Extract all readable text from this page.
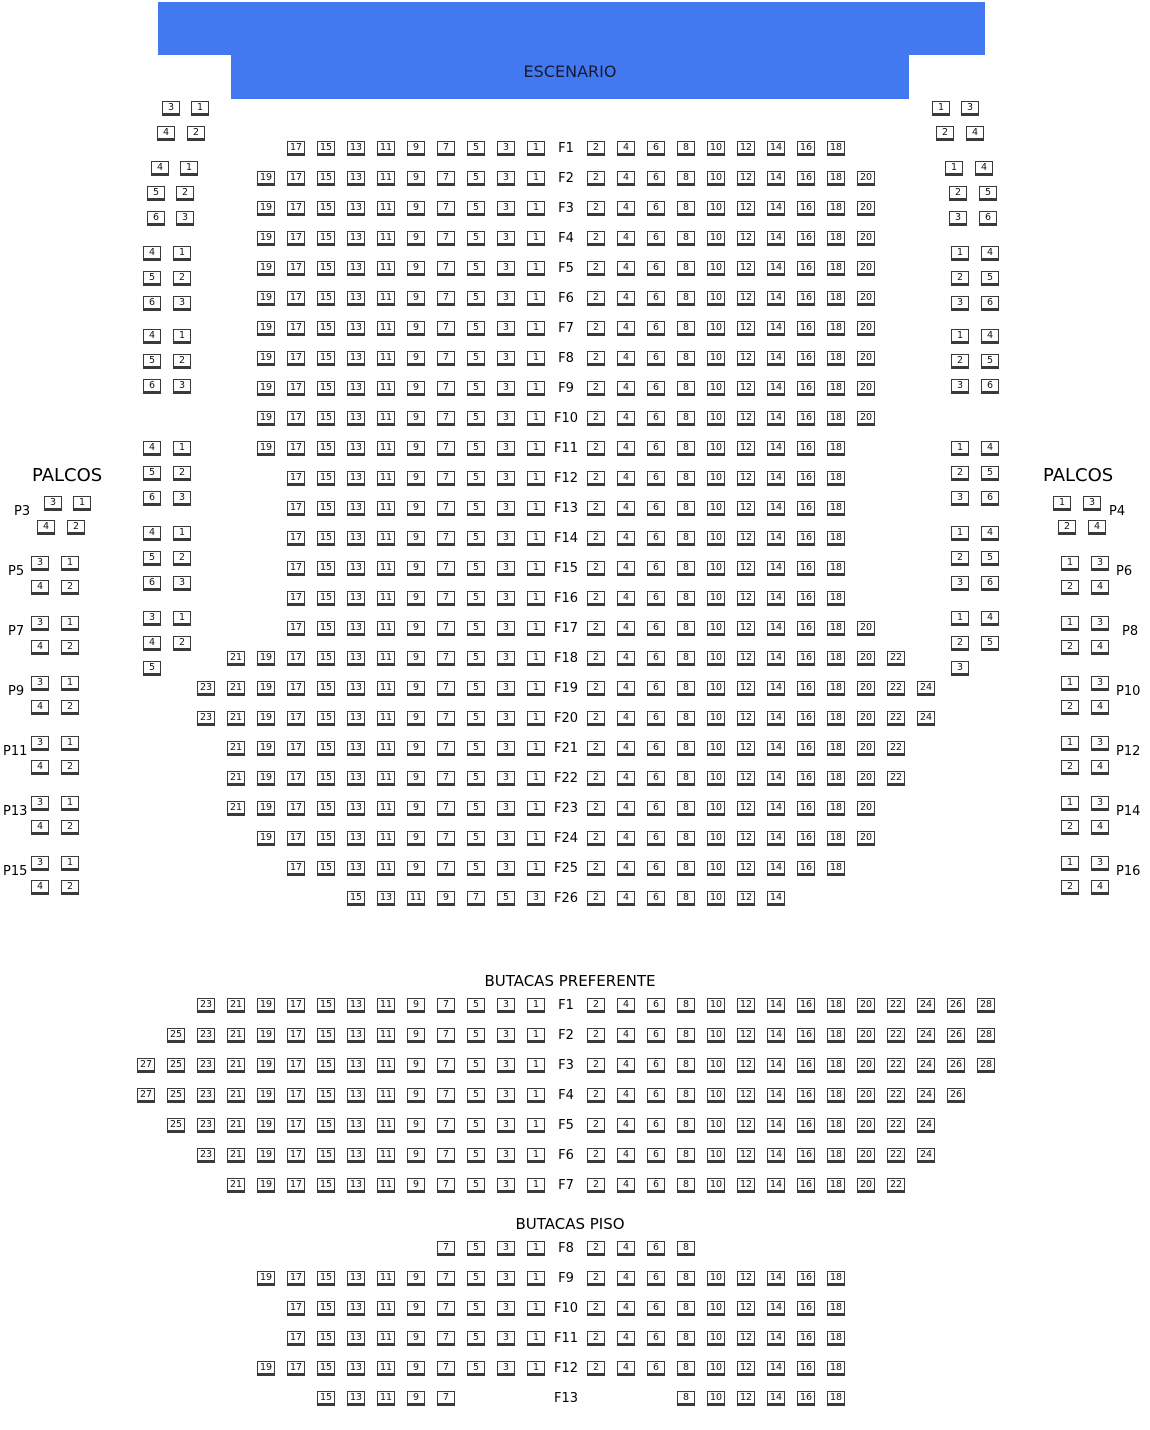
ESCENARIO
PALCOS	PALCOS
BUTACAS PREFERENTE
BUTACAS PISO
17	15	13	11	9	7	5	3	1	2	4	6	8	10	12	14	16	18
F1
19	17	15	13	11	9	7	5	3	1	2	4	6	8	10	12	14	16	18	20
F2
19	17	15	13	11	9	7	5	3	1	2	4	6	8	10	12	14	16	18	20
F3
19	17	15	13	11	9	7	5	3	1	2	4	6	8	10	12	14	16	18	20
F4
19	17	15	13	11	9	7	5	3	1	2	4	6	8	10	12	14	16	18	20
F5
19	17	15	13	11	9	7	5	3	1	2	4	6	8	10	12	14	16	18	20
F6
19	17	15	13	11	9	7	5	3	1	2	4	6	8	10	12	14	16	18	20
F7
19	17	15	13	11	9	7	5	3	1	2	4	6	8	10	12	14	16	18	20
F8
19	17	15	13	11	9	7	5	3	1	2	4	6	8	10	12	14	16	18	20
F9
19	17	15	13	11	9	7	5	3	1	2	4	6	8	10	12	14	16	18	20
F10
19	17	15	13	11	9	7	5	3	1	2	4	6	8	10	12	14	16	18
F11
17	15	13	11	9	7	5	3	1	2	4	6	8	10	12	14	16	18
F12
17	15	13	11	9	7	5	3	1	2	4	6	8	10	12	14	16	18
F13
17	15	13	11	9	7	5	3	1	2	4	6	8	10	12	14	16	18
F14
17	15	13	11	9	7	5	3	1	2	4	6	8	10	12	14	16	18
F15
17	15	13	11	9	7	5	3	1	2	4	6	8	10	12	14	16	18
F16
17	15	13	11	9	7	5	3	1	2	4	6	8	10	12	14	16	18	20
F17
21	19	17	15	13	11	9	7	5	3	1	2	4	6	8	10	12	14	16	18	20	22
F18
23	21	19	17	15	13	11	9	7	5	3	1	2	4	6	8	10	12	14	16	18	20	22	24
F19
23	21	19	17	15	13	11	9	7	5	3	1	2	4	6	8	10	12	14	16	18	20	22	24
F20
21	19	17	15	13	11	9	7	5	3	1	2	4	6	8	10	12	14	16	18	20	22
F21
21	19	17	15	13	11	9	7	5	3	1	2	4	6	8	10	12	14	16	18	20	22
F22
21	19	17	15	13	11	9	7	5	3	1	2	4	6	8	10	12	14	16	18	20
F23
19	17	15	13	11	9	7	5	3	1	2	4	6	8	10	12	14	16	18	20
F24
17	15	13	11	9	7	5	3	1	2	4	6	8	10	12	14	16	18
F25
15	13	11	9	7	5	3	2	4	6	8	10	12	14
F26
23	21	19	17	15	13	11	9	7	5	3	1	2	4	6	8	10	12	14	16	18	20	22	24	26	28
F1
25	23	21	19	17	15	13	11	9	7	5	3	1	2	4	6	8	10	12	14	16	18	20	22	24	26	28
F2
27	25	23	21	19	17	15	13	11	9	7	5	3	1	2	4	6	8	10	12	14	16	18	20	22	24	26	28
F3
27	25	23	21	19	17	15	13	11	9	7	5	3	1	2	4	6	8	10	12	14	16	18	20	22	24	26
F4
25	23	21	19	17	15	13	11	9	7	5	3	1	2	4	6	8	10	12	14	16	18	20	22	24
F5
23	21	19	17	15	13	11	9	7	5	3	1	2	4	6	8	10	12	14	16	18	20	22	24
F6
21	19	17	15	13	11	9	7	5	3	1	2	4	6	8	10	12	14	16	18	20	22
F7
7	5	3	1	2	4	6	8
F8
19	17	15	13	11	9	7	5	3	1	2	4	6	8	10	12	14	16	18
F9
17	15	13	11	9	7	5	3	1	2	4	6	8	10	12	14	16	18
F10
17	15	13	11	9	7	5	3	1	2	4	6	8	10	12	14	16	18
F11
19	17	15	13	11	9	7	5	3	1	2	4	6	8	10	12	14	16	18
F12
15	13	11	9	7	8	10	12	14	16	18
F13
3	1
4	2
4	1
5	2
6	3
4	1
5	2
6	3
4	1
5	2
6	3
4	1
5	2
6	3
4	1
5	2
6	3
3	1
4	2
5
1	3
2	4
1	4
2	5
3	6
1	4
2	5
3	6
1	4
2	5
3	6
1	4
2	5
3	6
1	4
2	5
3	6
1	4
2	5
3
3	1
4	2
P3
3	1
4	2
P5
3	1
4	2
P7
3	1
4	2
P9
3	1
4	2
P11
3	1
4	2
P13
3	1
4	2
P15
1	3
2	4
P4
1	3
2	4
P6
1	3
2	4
P8
1	3
2	4
P10
1	3
2	4
P12
1	3
2	4
P14
1	3
2	4
P16
